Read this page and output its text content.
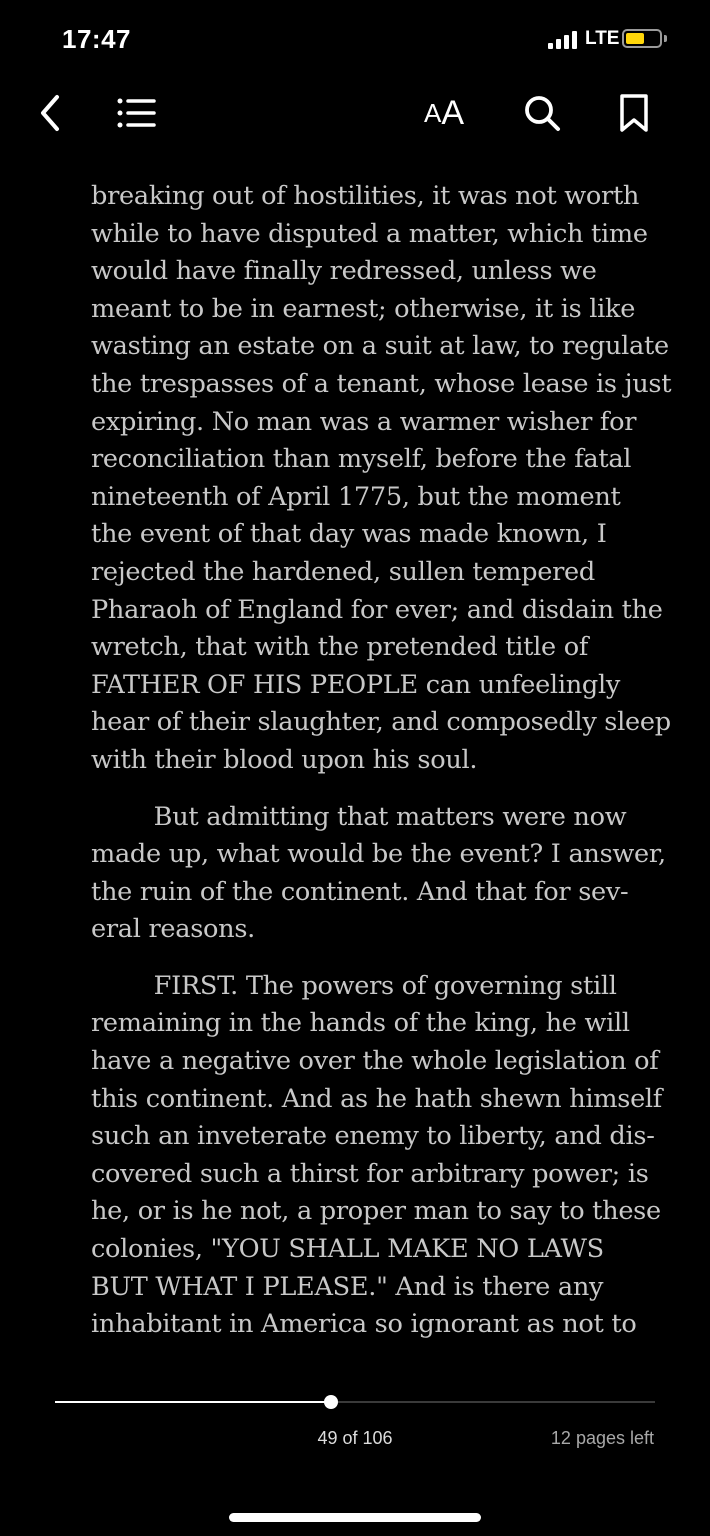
17:47	LTE
A A

breaking out of hostilities, it was not worth
while to have disputed a matter, which time
would have finally redressed, unless we
meant to be in earnest; otherwise, it is like
wasting an estate on a suit at law, to regulate
the trespasses of a tenant, whose lease is just
expiring. No man was a warmer wisher for
reconciliation than myself, before the fatal
nineteenth of April 1775, but the moment
the event of that day was made known, I
rejected the hardened, sullen tempered
Pharaoh of England for ever; and disdain the
wretch, that with the pretended title of
FATHER OF HIS PEOPLE can unfeelingly
hear of their slaughter, and composedly sleep
with their blood upon his soul.

But admitting that matters were now
made up, what would be the event? I answer,
the ruin of the continent. And that for sev-
eral reasons.

FIRST. The powers of governing still
remaining in the hands of the king, he will
have a negative over the whole legislation of
this continent. And as he hath shewn himself
such an inveterate enemy to liberty, and dis-
covered such a thirst for arbitrary power; is
he, or is he not, a proper man to say to these
colonies, "YOU SHALL MAKE NO LAWS
BUT WHAT I PLEASE." And is there any
inhabitant in America so ignorant as not to

49 of 106	12 pages left
